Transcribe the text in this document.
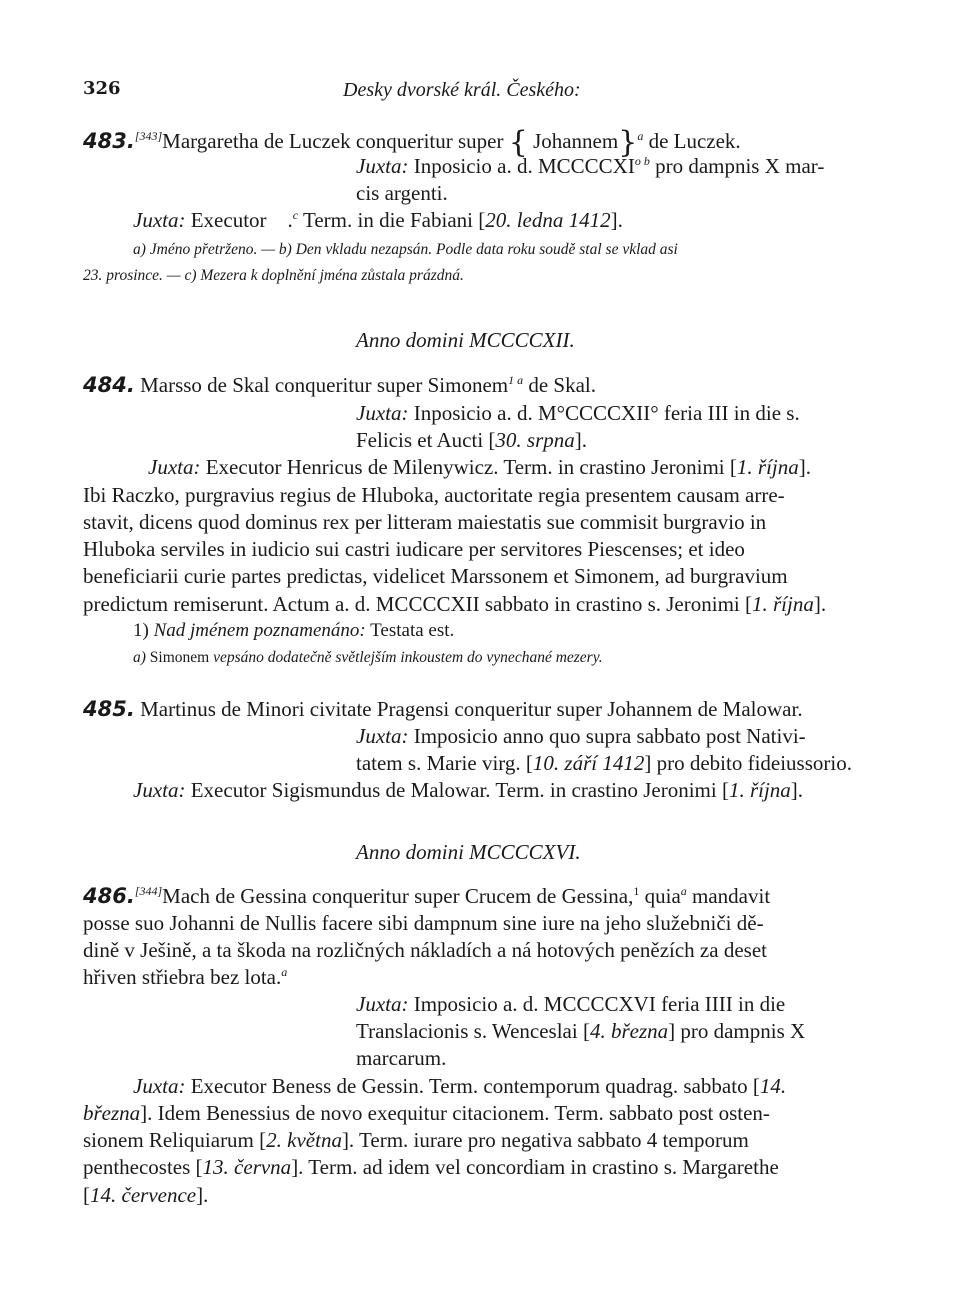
326	Desky dvorské král. Českého:
483.[343]Margaretha de Luczek conqueritur super { Johannem}$^a$ de Luczek.
Juxta: Inposicio a. d. $MCCCCXI^{o b}$ pro dampnis X mar-
cis argenti.
Juxta: Executor .$^c$ Term. in die Fabiani [20. ledna 1412].
a) Jméno přetrženo. — b) Den vkladu nezapsán. Podle data roku soudě stal se vklad asi
23. prosince. — c) Mezera k doplnění jména zůstala prázdná.
Anno domini MCCCCXII.
484. Marsso de Skal conqueritur super Simonem$^{1 a}$ de Skal.
Juxta: Inposicio a. d. M°CCCCXII° feria III in die s.
Felicis et Aucti [30. srpna].
Juxta: Executor Henricus de Milenywicz. Term. in crastino Jeronimi [1. října].
Ibi Raczko, purgravius regius de Hluboka, auctoritate regia presentem causam arre-
stavit, dicens quod dominus rex per litteram maiestatis sue commisit burgravio in
Hluboka serviles in iudicio sui castri iudicare per servitores Piescenses; et ideo
beneficiarii curie partes predictas, videlicet Marssonem et Simonem, ad burgravium
predictum remiserunt. Actum a. d. MCCCCXII sabbato in crastino s. Jeronimi [1. října].
1) Nad jménem poznamenáno: Testata est.
a) Simonem vepsáno dodatečně světlejším inkoustem do vynechané mezery.
485. Martinus de Minori civitate Pragensi conqueritur super Johannem de Malowar.
Juxta: Imposicio anno quo supra sabbato post Nativi-
tatem s. Marie virg. [10. září 1412] pro debito fideiussorio.
Juxta: Executor Sigismundus de Malowar. Term. in crastino Jeronimi [1. října].
Anno domini MCCCCXVI.
486.[344]Mach de Gessina conqueritur super Crucem de Gessina,$^1$ quia$^a$ mandavit
posse suo Johanni de Nullis facere sibi dampnum sine iure na jeho služebniči dě-
dině v Ješině, a ta škoda na rozličných nákladích a ná hotových penězích za deset
hřiven střiebra bez lota.$^a$
Juxta: Imposicio a. d. MCCCCXVI feria IIII in die
Translacionis s. Wenceslai [4. března] pro dampnis X
marcarum.
Juxta: Executor Beness de Gessin. Term. contemporum quadrag. sabbato [14.
března]. Idem Benessius de novo exequitur citacionem. Term. sabbato post osten-
sionem Reliquiarum [2. května]. Term. iurare pro negativa sabbato 4 temporum
penthecostes [13. června]. Term. ad idem vel concordiam in crastino s. Margarethe
[14. července].
